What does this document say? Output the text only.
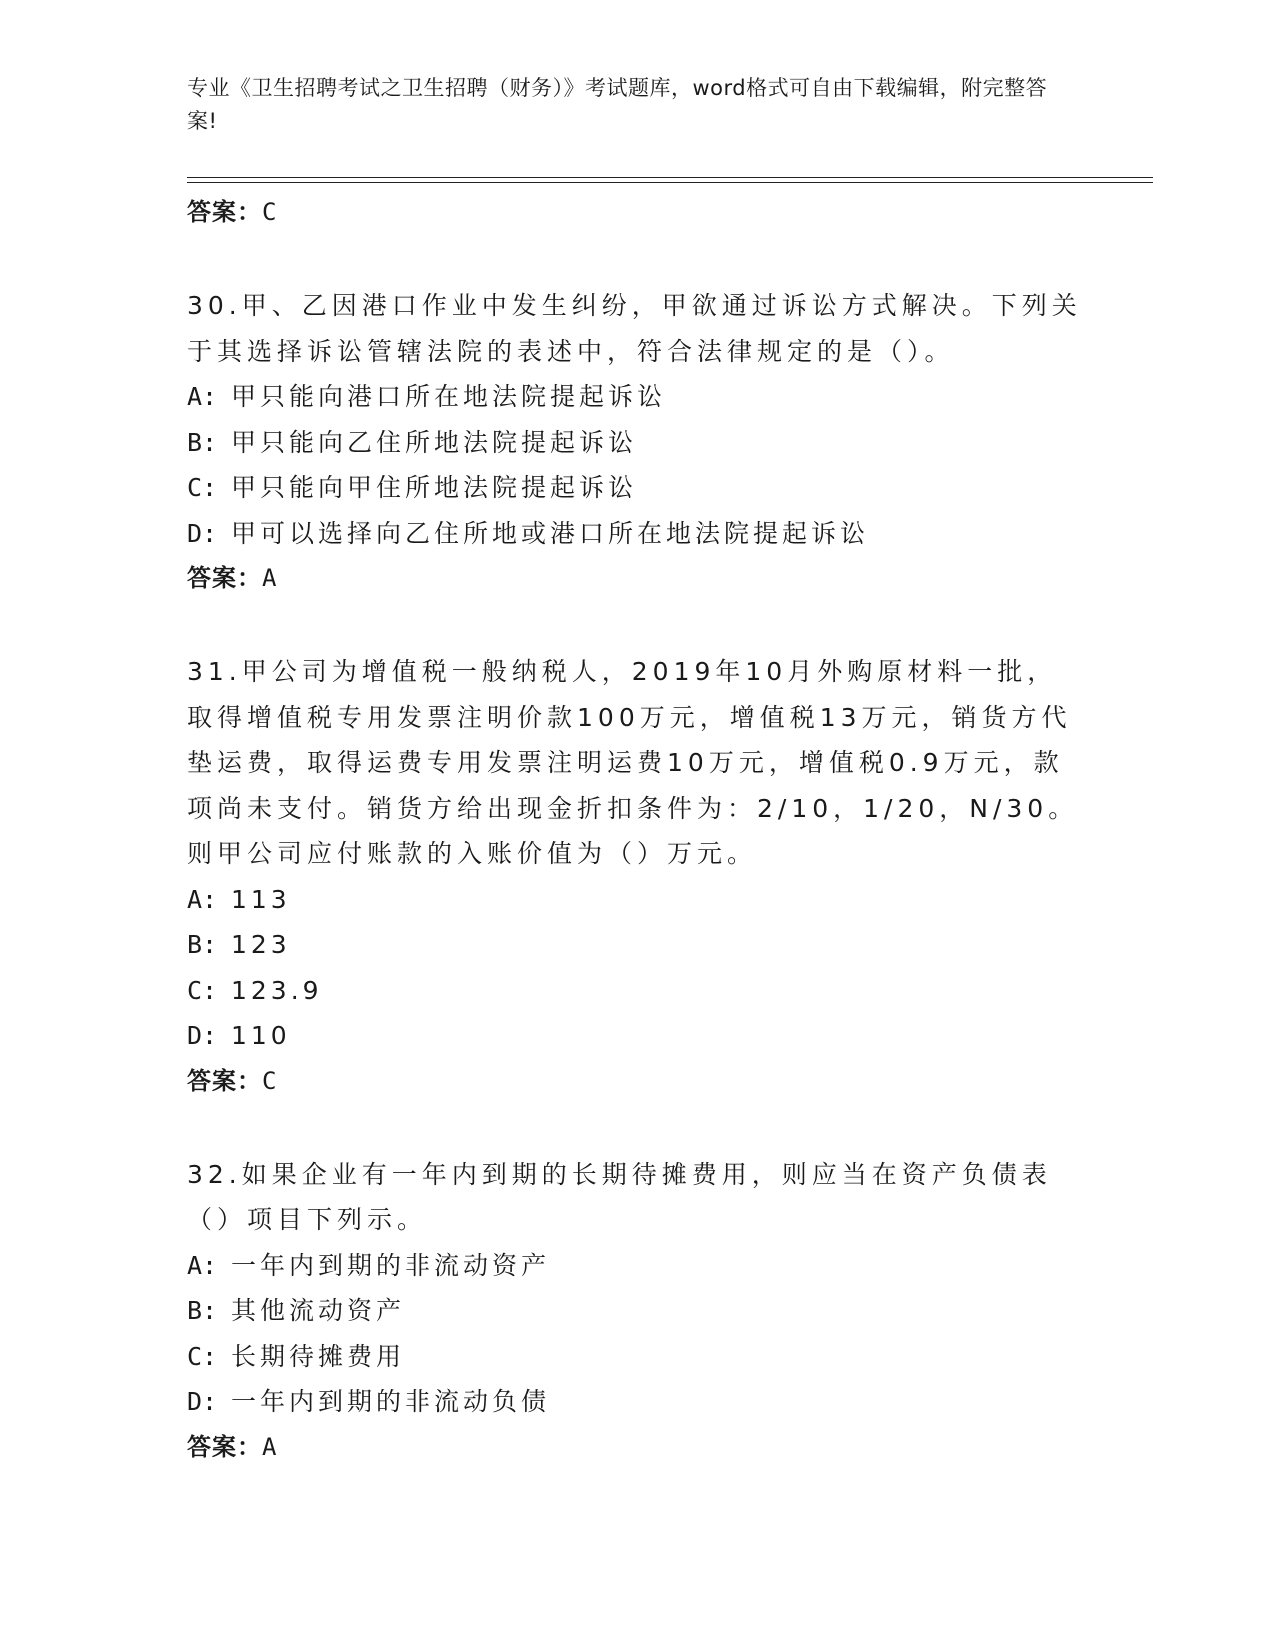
专业《卫生招聘考试之卫生招聘（财务）》考试题库，word格式可自由下载编辑，附完整答案!
答案：C
30.甲、乙因港口作业中发生纠纷，甲欲通过诉讼方式解决。下列关于其选择诉讼管辖法院的表述中，符合法律规定的是（）。
A: 甲只能向港口所在地法院提起诉讼
B: 甲只能向乙住所地法院提起诉讼
C: 甲只能向甲住所地法院提起诉讼
D: 甲可以选择向乙住所地或港口所在地法院提起诉讼
答案：A
31.甲公司为增值税一般纳税人，2019年10月外购原材料一批，取得增值税专用发票注明价款100万元，增值税13万元，销货方代垫运费，取得运费专用发票注明运费10万元，增值税0.9万元，款项尚未支付。销货方给出现金折扣条件为：2/10，1/20，N/30。则甲公司应付账款的入账价值为（）万元。
A: 113
B: 123
C: 123.9
D: 110
答案：C
32.如果企业有一年内到期的长期待摊费用，则应当在资产负债表（）项目下列示。
A: 一年内到期的非流动资产
B: 其他流动资产
C: 长期待摊费用
D: 一年内到期的非流动负债
答案：A
